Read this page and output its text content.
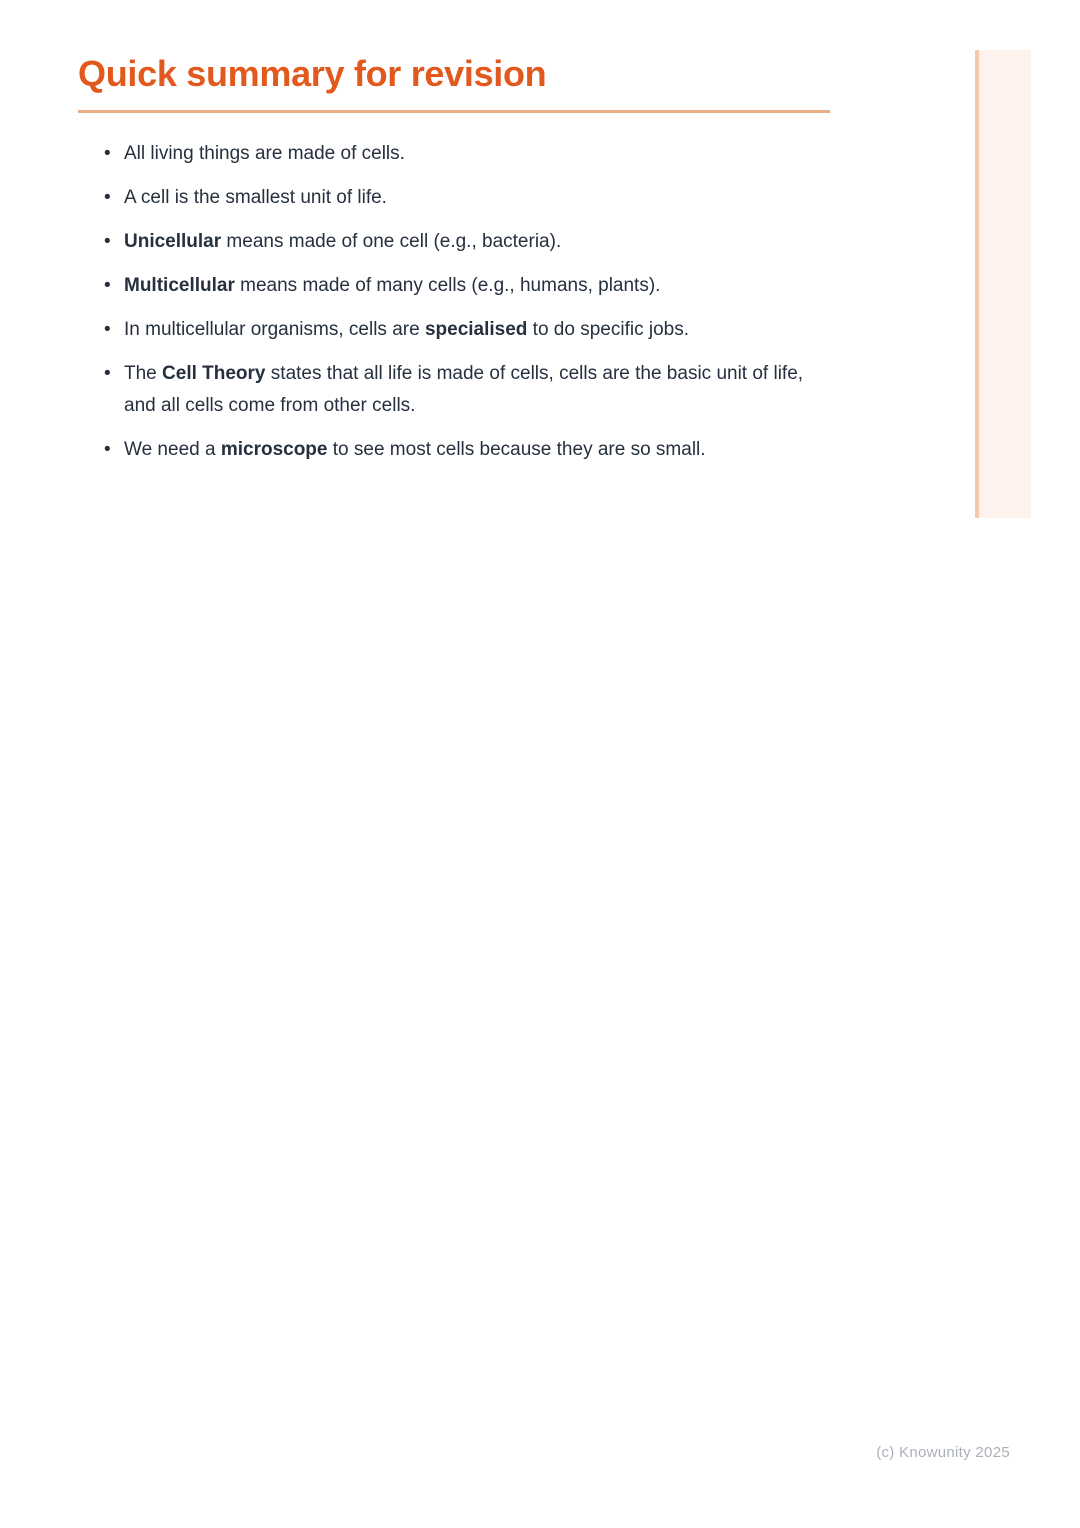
Quick summary for revision
• All living things are made of cells.
• A cell is the smallest unit of life.
• Unicellular means made of one cell (e.g., bacteria).
• Multicellular means made of many cells (e.g., humans, plants).
• In multicellular organisms, cells are specialised to do specific jobs.
• The Cell Theory states that all life is made of cells, cells are the basic unit of life, and all cells come from other cells.
• We need a microscope to see most cells because they are so small.
(c) Knowunity 2025
